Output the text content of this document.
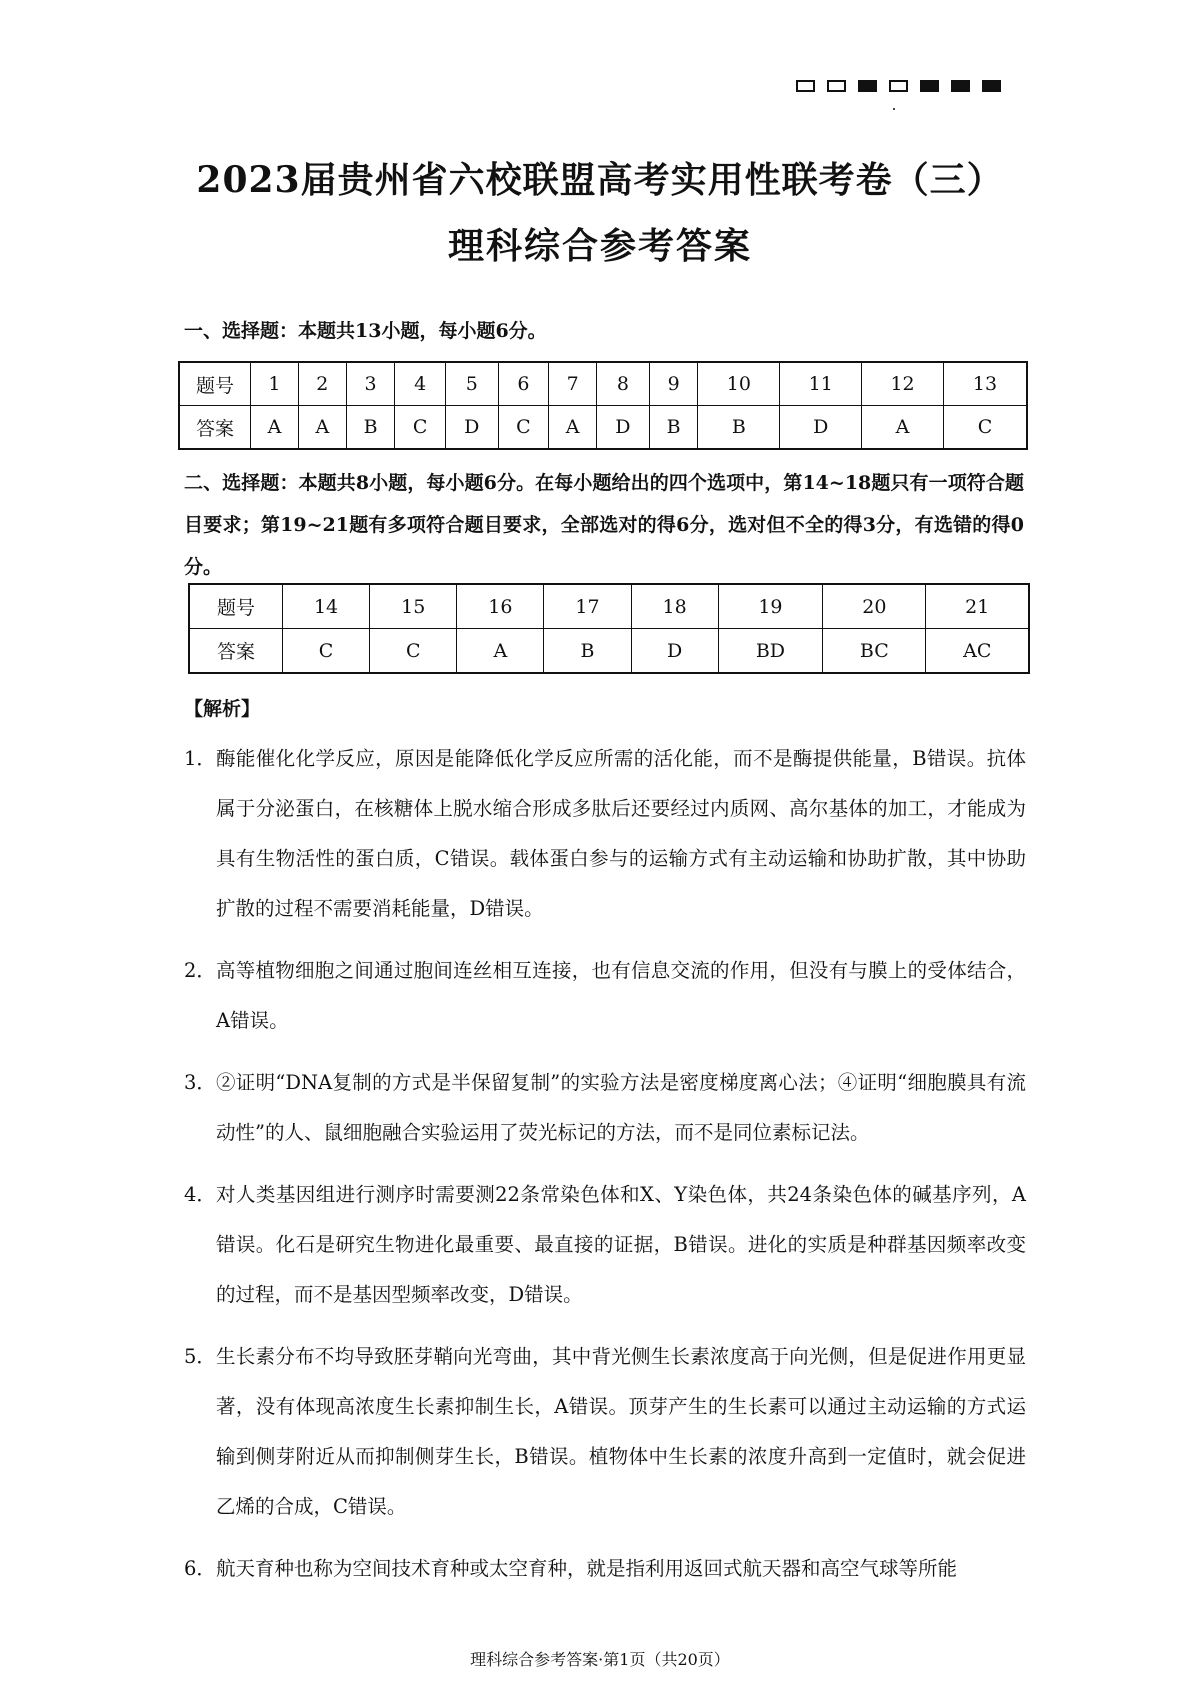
2023届贵州省六校联盟高考实用性联考卷（三）
理科综合参考答案
一、选择题：本题共13小题，每小题6分。
题号	1	2	3	4	5	6	7	8	9	10	11	12	13
答案	A	A	B	C	D	C	A	D	B	B	D	A	C
二、选择题：本题共8小题，每小题6分。在每小题给出的四个选项中，第14~18题只有一项符合题目要求；第19~21题有多项符合题目要求，全部选对的得6分，选对但不全的得3分，有选错的得0分。
题号	14	15	16	17	18	19	20	21
答案	C	C	A	B	D	BD	BC	AC
【解析】
1． 酶能催化化学反应，原因是能降低化学反应所需的活化能，而不是酶提供能量，B错误。抗体属于分泌蛋白，在核糖体上脱水缩合形成多肽后还要经过内质网、高尔基体的加工，才能成为具有生物活性的蛋白质，C错误。载体蛋白参与的运输方式有主动运输和协助扩散，其中协助扩散的过程不需要消耗能量，D错误。
2． 高等植物细胞之间通过胞间连丝相互连接，也有信息交流的作用，但没有与膜上的受体结合，A错误。
3． ②证明“DNA复制的方式是半保留复制”的实验方法是密度梯度离心法；④证明“细胞膜具有流动性”的人、鼠细胞融合实验运用了荧光标记的方法，而不是同位素标记法。
4． 对人类基因组进行测序时需要测22条常染色体和X、Y染色体，共24条染色体的碱基序列，A错误。化石是研究生物进化最重要、最直接的证据，B错误。进化的实质是种群基因频率改变的过程，而不是基因型频率改变，D错误。
5． 生长素分布不均导致胚芽鞘向光弯曲，其中背光侧生长素浓度高于向光侧，但是促进作用更显著，没有体现高浓度生长素抑制生长，A错误。顶芽产生的生长素可以通过主动运输的方式运输到侧芽附近从而抑制侧芽生长，B错误。植物体中生长素的浓度升高到一定值时，就会促进乙烯的合成，C错误。
6． 航天育种也称为空间技术育种或太空育种，就是指利用返回式航天器和高空气球等所能
理科综合参考答案·第1页（共20页）
